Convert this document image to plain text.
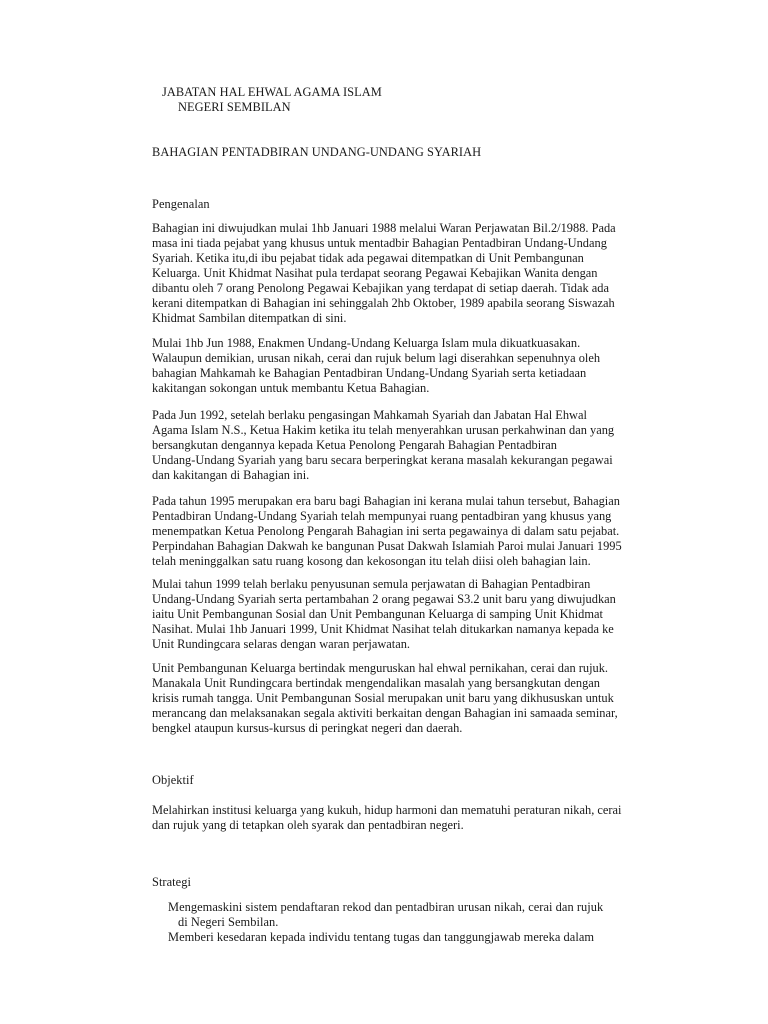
JABATAN HAL EHWAL AGAMA ISLAM
NEGERI SEMBILAN
BAHAGIAN PENTADBIRAN UNDANG-UNDANG SYARIAH
Pengenalan
Bahagian ini diwujudkan mulai 1hb Januari 1988 melalui Waran Perjawatan Bil.2/1988. Pada
masa ini tiada pejabat yang khusus untuk mentadbir Bahagian Pentadbiran Undang-Undang
Syariah. Ketika itu,di ibu pejabat tidak ada pegawai ditempatkan di Unit Pembangunan
Keluarga. Unit Khidmat Nasihat pula terdapat seorang Pegawai Kebajikan Wanita dengan
dibantu oleh 7 orang Penolong Pegawai Kebajikan yang terdapat di setiap daerah. Tidak ada
kerani ditempatkan di Bahagian ini sehinggalah 2hb Oktober, 1989 apabila seorang Siswazah
Khidmat Sambilan ditempatkan di sini.
Mulai 1hb Jun 1988, Enakmen Undang-Undang Keluarga Islam mula dikuatkuasakan.
Walaupun demikian, urusan nikah, cerai dan rujuk belum lagi diserahkan sepenuhnya oleh
bahagian Mahkamah ke Bahagian Pentadbiran Undang-Undang Syariah serta ketiadaan
kakitangan sokongan untuk membantu Ketua Bahagian.
Pada Jun 1992, setelah berlaku pengasingan Mahkamah Syariah dan Jabatan Hal Ehwal
Agama Islam N.S., Ketua Hakim ketika itu telah menyerahkan urusan perkahwinan dan yang
bersangkutan dengannya kepada Ketua Penolong Pengarah Bahagian Pentadbiran
Undang-Undang Syariah yang baru secara berperingkat kerana masalah kekurangan pegawai
dan kakitangan di Bahagian ini.
Pada tahun 1995 merupakan era baru bagi Bahagian ini kerana mulai tahun tersebut, Bahagian
Pentadbiran Undang-Undang Syariah telah mempunyai ruang pentadbiran yang khusus yang
menempatkan Ketua Penolong Pengarah Bahagian ini serta pegawainya di dalam satu pejabat.
Perpindahan Bahagian Dakwah ke bangunan Pusat Dakwah Islamiah Paroi mulai Januari 1995
telah meninggalkan satu ruang kosong dan kekosongan itu telah diisi oleh bahagian lain.
Mulai tahun 1999 telah berlaku penyusunan semula perjawatan di Bahagian Pentadbiran
Undang-Undang Syariah serta pertambahan 2 orang pegawai S3.2 unit baru yang diwujudkan
iaitu Unit Pembangunan Sosial dan Unit Pembangunan Keluarga di samping Unit Khidmat
Nasihat. Mulai 1hb Januari 1999, Unit Khidmat Nasihat telah ditukarkan namanya kepada ke
Unit Rundingcara selaras dengan waran perjawatan.
Unit Pembangunan Keluarga bertindak menguruskan hal ehwal pernikahan, cerai dan rujuk.
Manakala Unit Rundingcara bertindak mengendalikan masalah yang bersangkutan dengan
krisis rumah tangga. Unit Pembangunan Sosial merupakan unit baru yang dikhususkan untuk
merancang dan melaksanakan segala aktiviti berkaitan dengan Bahagian ini samaada seminar,
bengkel ataupun kursus-kursus di peringkat negeri dan daerah.
Objektif
Melahirkan institusi keluarga yang kukuh, hidup harmoni dan mematuhi peraturan nikah, cerai
dan rujuk yang di tetapkan oleh syarak dan pentadbiran negeri.
Strategi
Mengemaskini sistem pendaftaran rekod dan pentadbiran urusan nikah, cerai dan rujuk
di Negeri Sembilan.
Memberi kesedaran kepada individu tentang tugas dan tanggungjawab mereka dalam
